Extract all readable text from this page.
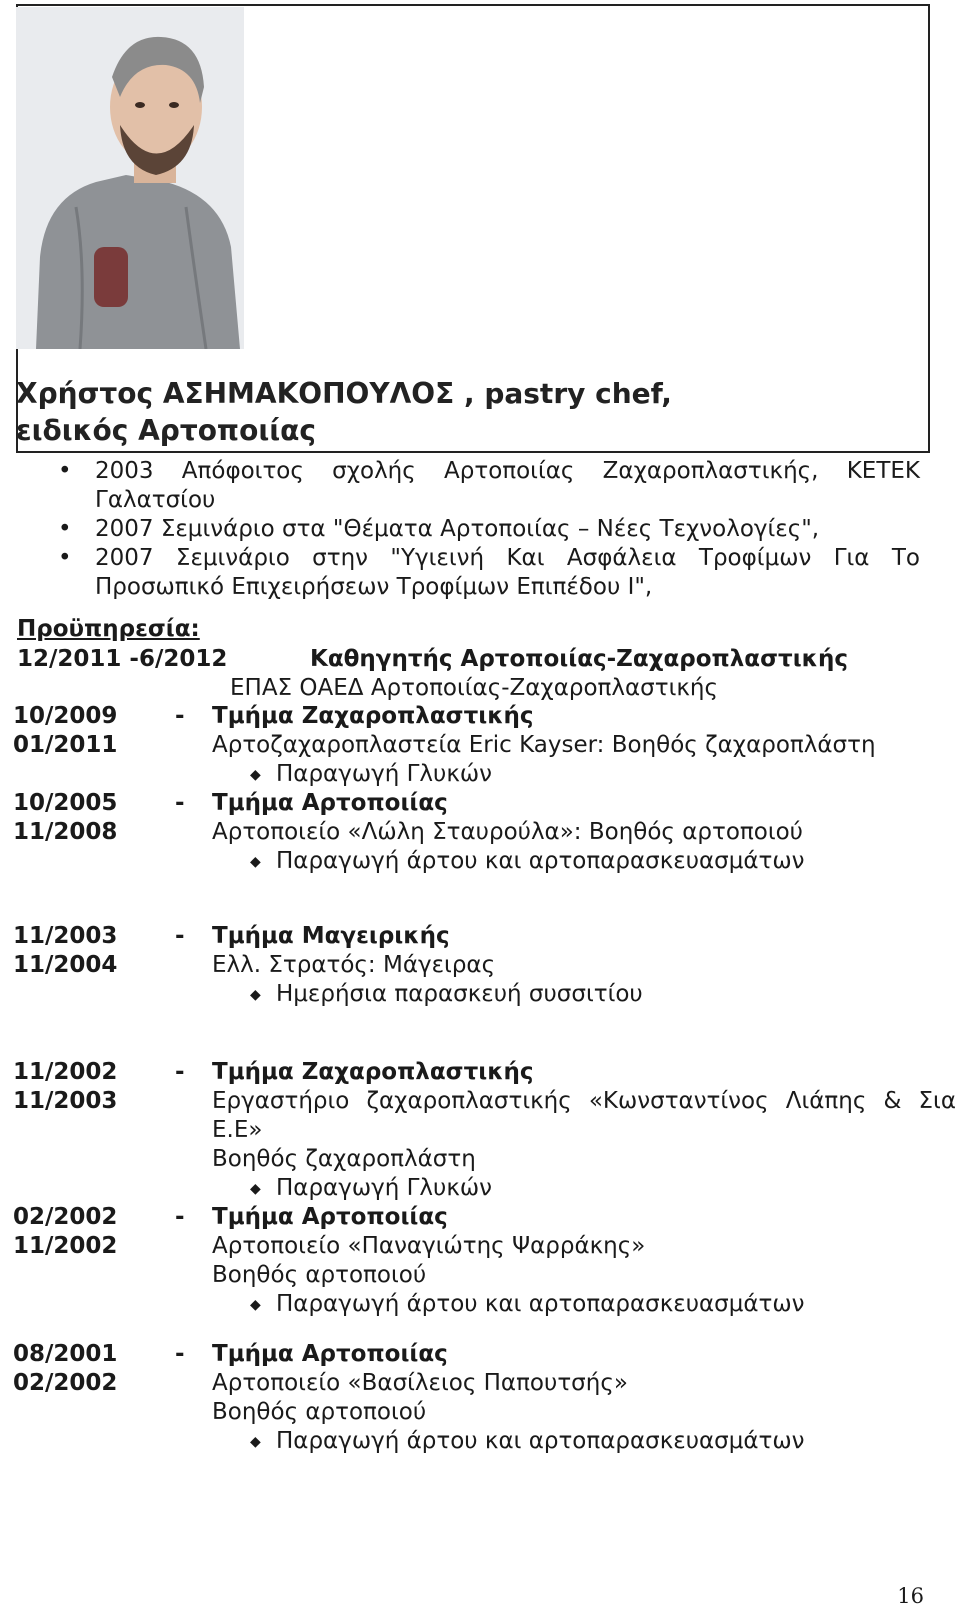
Χρήστος ΑΣΗΜΑΚΟΠΟΥΛΟΣ , pastry chef,
ειδικός Αρτοποιίας
• 2003 Απόφοιτος σχολής Αρτοποιίας Ζαχαροπλαστικής, ΚΕΤΕΚ
Γαλατσίου
• 2007 Σεμινάριο στα "Θέματα Αρτοποιίας – Νέες Τεχνολογίες",
• 2007 Σεμινάριο στην "Υγιεινή Και Ασφάλεια Τροφίμων Για Το
Προσωπικό Επιχειρήσεων Τροφίμων Επιπέδου Ι",
Προϋπηρεσία:
12/2011 -6/2012	Καθηγητής Αρτοποιίας-Ζαχαροπλαστικής
ΕΠΑΣ ΟΑΕΔ Αρτοποιίας-Ζαχαροπλαστικής
10/2009	- Τμήμα Ζαχαροπλαστικής
01/2011	Αρτοζαχαροπλαστεία Eric Kayser: Βοηθός ζαχαροπλάστη
◆ Παραγωγή Γλυκών
10/2005	- Τμήμα Αρτοποιίας
11/2008	Αρτοποιείο «Λώλη Σταυρούλα»: Βοηθός αρτοποιού
◆ Παραγωγή άρτου και αρτοπαρασκευασμάτων
11/2003	- Τμήμα Μαγειρικής
11/2004	Ελλ. Στρατός: Μάγειρας
◆ Ημερήσια παρασκευή συσσιτίου
11/2002	- Τμήμα Ζαχαροπλαστικής
11/2003	Εργαστήριο ζαχαροπλαστικής «Κωνσταντίνος Λιάπης & Σια
Ε.Ε»
Βοηθός ζαχαροπλάστη
◆ Παραγωγή Γλυκών
02/2002	- Τμήμα Αρτοποιίας
11/2002	Αρτοποιείο «Παναγιώτης Ψαρράκης»
Βοηθός αρτοποιού
◆ Παραγωγή άρτου και αρτοπαρασκευασμάτων
08/2001	- Τμήμα Αρτοποιίας
02/2002	Αρτοποιείο «Βασίλειος Παπουτσής»
Βοηθός αρτοποιού
◆ Παραγωγή άρτου και αρτοπαρασκευασμάτων
16
